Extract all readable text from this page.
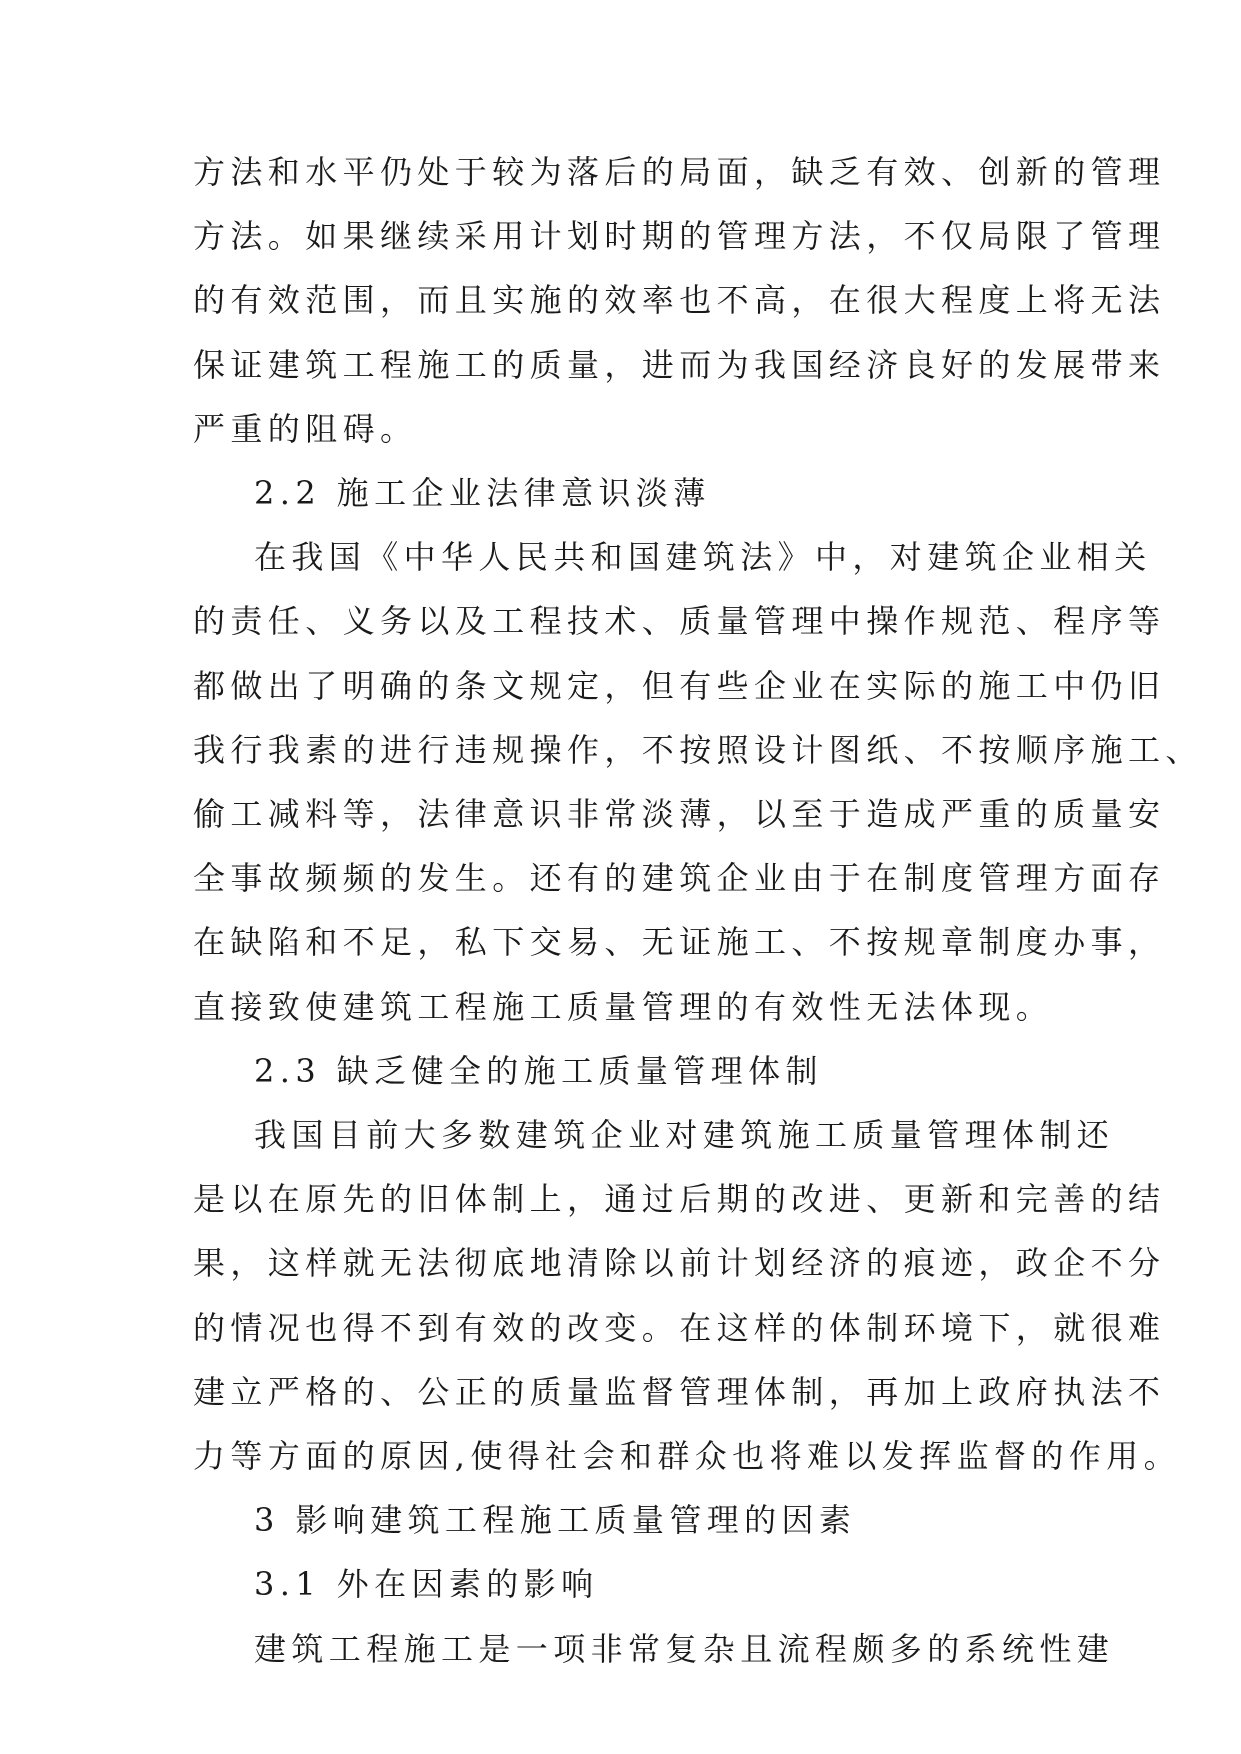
方法和水平仍处于较为落后的局面，缺乏有效、创新的管理
方法。如果继续采用计划时期的管理方法，不仅局限了管理
的有效范围，而且实施的效率也不高，在很大程度上将无法
保证建筑工程施工的质量，进而为我国经济良好的发展带来
严重的阻碍。
2.2 施工企业法律意识淡薄
在我国《中华人民共和国建筑法》中，对建筑企业相关
的责任、义务以及工程技术、质量管理中操作规范、程序等
都做出了明确的条文规定，但有些企业在实际的施工中仍旧
我行我素的进行违规操作，不按照设计图纸、不按顺序施工、
偷工减料等，法律意识非常淡薄，以至于造成严重的质量安
全事故频频的发生。还有的建筑企业由于在制度管理方面存
在缺陷和不足，私下交易、无证施工、不按规章制度办事，
直接致使建筑工程施工质量管理的有效性无法体现。
2.3 缺乏健全的施工质量管理体制
我国目前大多数建筑企业对建筑施工质量管理体制还
是以在原先的旧体制上，通过后期的改进、更新和完善的结
果，这样就无法彻底地清除以前计划经济的痕迹，政企不分
的情况也得不到有效的改变。在这样的体制环境下，就很难
建立严格的、公正的质量监督管理体制，再加上政府执法不
力等方面的原因,使得社会和群众也将难以发挥监督的作用。
3 影响建筑工程施工质量管理的因素
3.1 外在因素的影响
建筑工程施工是一项非常复杂且流程颇多的系统性建
